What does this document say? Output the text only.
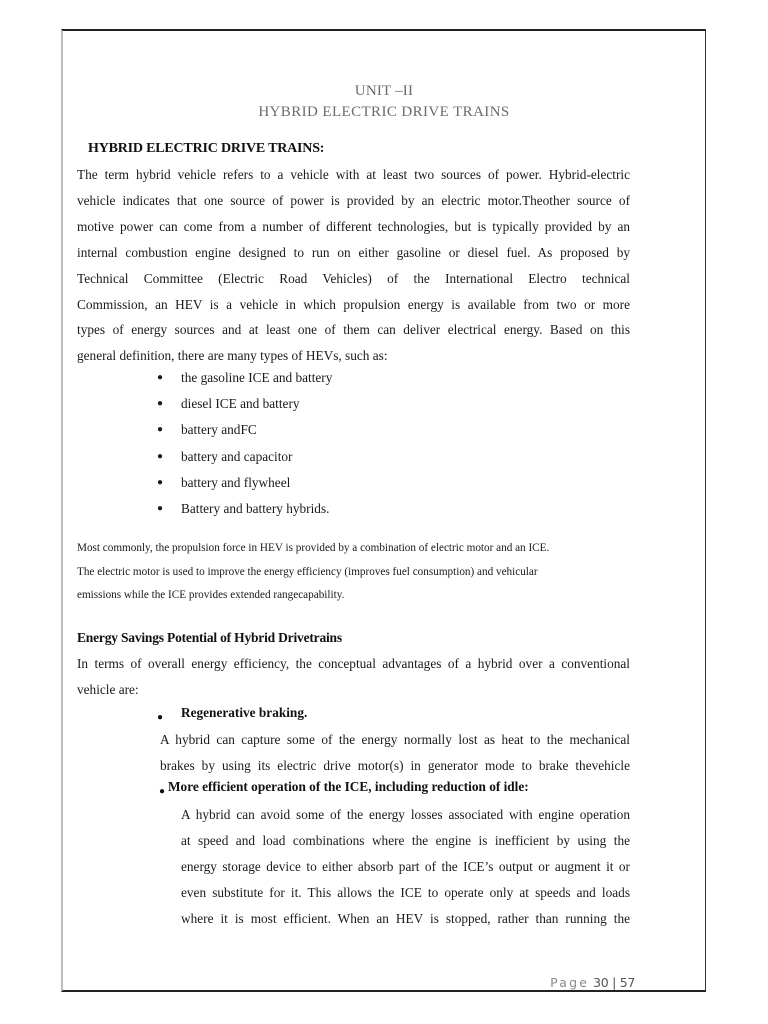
UNIT –II
HYBRID ELECTRIC DRIVE TRAINS
HYBRID ELECTRIC DRIVE TRAINS:
The term hybrid vehicle refers to a vehicle with at least two sources of power. Hybrid-electric
vehicle indicates that one source of power is provided by an electric motor.Theother source of
motive power can come from a number of different technologies, but is typically provided by an
internal combustion engine designed to run on either gasoline or diesel fuel. As proposed by
Technical Committee (Electric Road Vehicles) of the International Electro technical
Commission, an HEV is a vehicle in which propulsion energy is available from two or more
types of energy sources and at least one of them can deliver electrical energy. Based on this
general definition, there are many types of HEVs, such as:
● the gasoline ICE and battery
● diesel ICE and battery
● battery andFC
● battery and capacitor
● battery and flywheel
● Battery and battery hybrids.
Most commonly, the propulsion force in HEV is provided by a combination of electric motor and an ICE.
The electric motor is used to improve the energy efficiency (improves fuel consumption) and vehicular
emissions while the ICE provides extended rangecapability.
Energy Savings Potential of Hybrid Drivetrains
In terms of overall energy efficiency, the conceptual advantages of a hybrid over a conventional
vehicle are:
● Regenerative braking.
A hybrid can capture some of the energy normally lost as heat to the mechanical
brakes by using its electric drive motor(s) in generator mode to brake thevehicle
● More efficient operation of the ICE, including reduction of idle:
A hybrid can avoid some of the energy losses associated with engine operation
at speed and load combinations where the engine is inefficient by using the
energy storage device to either absorb part of the ICE’s output or augment it or
even substitute for it. This allows the ICE to operate only at speeds and loads
where it is most efficient. When an HEV is stopped, rather than running the
Page 30 | 57
